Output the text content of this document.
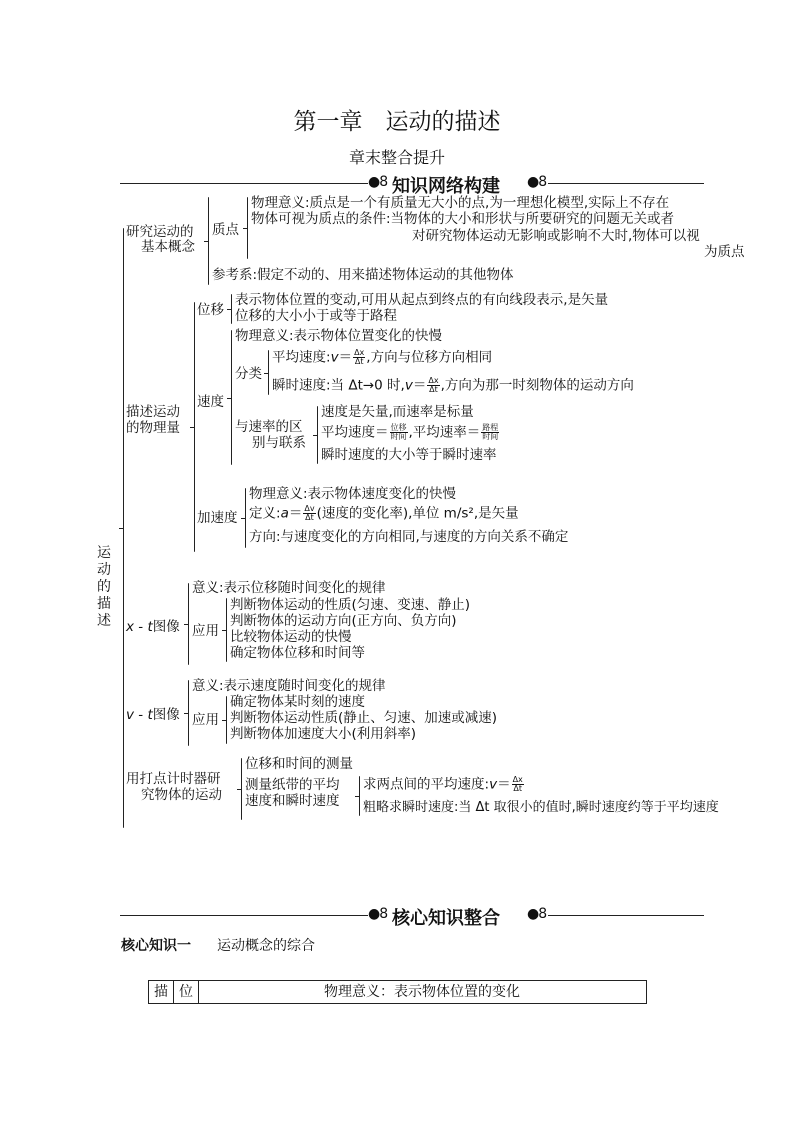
第一章　运动的描述
章末整合提升
●8 知识网络构建 ●8
运动的描述
研究运动的
基本概念
质点
物理意义:质点是一个有质量无大小的点,为一理想化模型,实际上不存在
物体可视为质点的条件:当物体的大小和形状与所要研究的问题无关或者
对研究物体运动无影响或影响不大时,物体可以视
为质点
参考系:假定不动的、用来描述物体运动的其他物体
描述运动
的物理量
位移
表示物体位置的变动,可用从起点到终点的有向线段表示,是矢量
位移的大小小于或等于路程
速度
物理意义:表示物体位置变化的快慢
分类
平均速度:v＝ $\frac{\Delta x}{\Delta t}$ ,方向与位移方向相同
瞬时速度:当 Δt→0 时$,v= \frac{\Delta x}{\Delta t}$ ,方向为那一时刻物体的运动方向
与速率的区
别与联系
速度是矢量,而速率是标量
平均速度＝ $\frac{\text{位移}}{\text{时间}}$ ,平均速率＝ $\frac{\text{路程}}{\text{时间}}$
瞬时速度的大小等于瞬时速率
加速度
物理意义:表示物体速度变化的快慢
定义:a＝ $\frac{\Delta v}{\Delta t}$ (速度的变化率),单位 m/s²,是矢量
方向:与速度变化的方向相同,与速度的方向关系不确定
x - t图像
意义:表示位移随时间变化的规律
应用
判断物体运动的性质(匀速、变速、静止)
判断物体的运动方向(正方向、负方向)
比较物体运动的快慢
确定物体位移和时间等
v - t图像
意义:表示速度随时间变化的规律
应用
确定物体某时刻的速度
判断物体运动性质(静止、匀速、加速或减速)
判断物体加速度大小(利用斜率)
用打点计时器研
究物体的运动
位移和时间的测量
测量纸带的平均
速度和瞬时速度
求两点间的平均速度:v＝ $\frac{\Delta x}{\Delta t}$
粗略求瞬时速度:当 Δt 取很小的值时,瞬时速度约等于平均速度
●8 核心知识整合 ●8
核心知识一 运动概念的综合
描 位	物理意义：表示物体位置的变化
